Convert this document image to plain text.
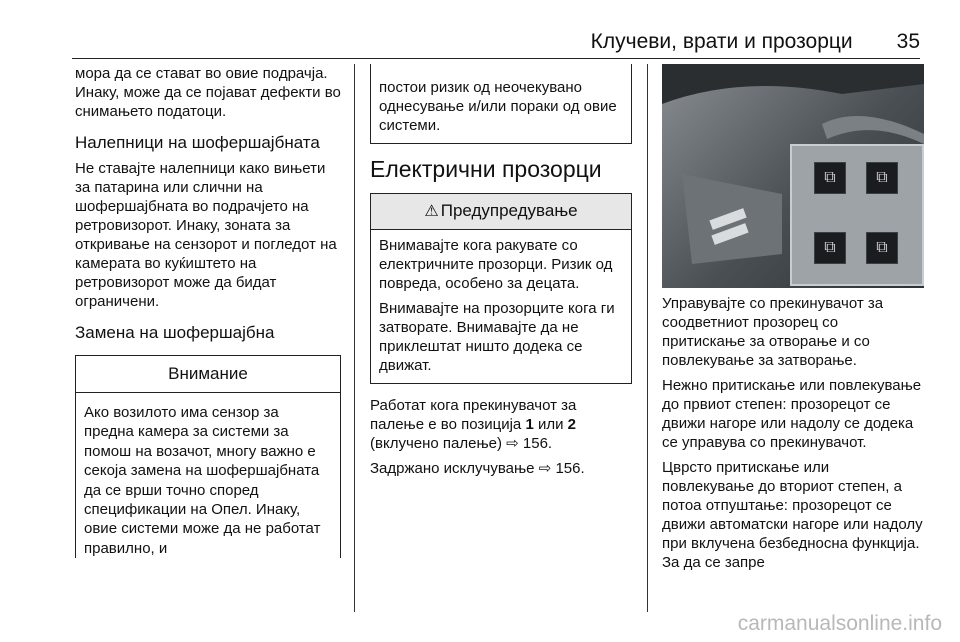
Клучеви, врати и прозорци 35

мора да се стават во овие подрачја. Инаку, може да се појават дефекти во снимањето податоци.

Налепници на шофершајбната

Не ставајте налепници како вињети за патарина или слични на шофершајбната во подрачјето на ретровизорот. Инаку, зоната за откривање на сензорот и погледот на камерата во куќиштето на ретровизорот може да бидат ограничени.

Замена на шофершајбна
Внимание

Ако возилото има сензор за предна камера за системи за помош на возачот, многу важно е секоја замена на шофершајбната да се врши точно според спецификации на Опел. Инаку, овие системи може да не работат правилно, и

постои ризик од неочекувано однесување и/или пораки од овие системи.

Електрични прозорци
⚠ Предупредување

Внимавајте кога ракувате со електричните прозорци. Ризик од повреда, особено за децата.

Внимавајте на прозорците кога ги затворате. Внимавајте да не приклештат ништо додека се движат.

Работат кога прекинувачот за палење е во позиција 1 или 2 (вклучено палење) ⇨ 156.

Задржано исклучување ⇨ 156.

⧉	⧉
⧉	⧉

Управувајте со прекинувачот за соодветниот прозорец со притискање за отворање и со повлекување за затворање.

Нежно притискање или повлекување до првиот степен: прозорецот се движи нагоре или надолу се додека се управува со прекинувачот.

Цврсто притискање или повлекување до вториот степен, а потоа отпуштање: прозорецот се движи автоматски нагоре или надолу при вклучена безбедносна функција. За да се запре

carmanualsonline.info
